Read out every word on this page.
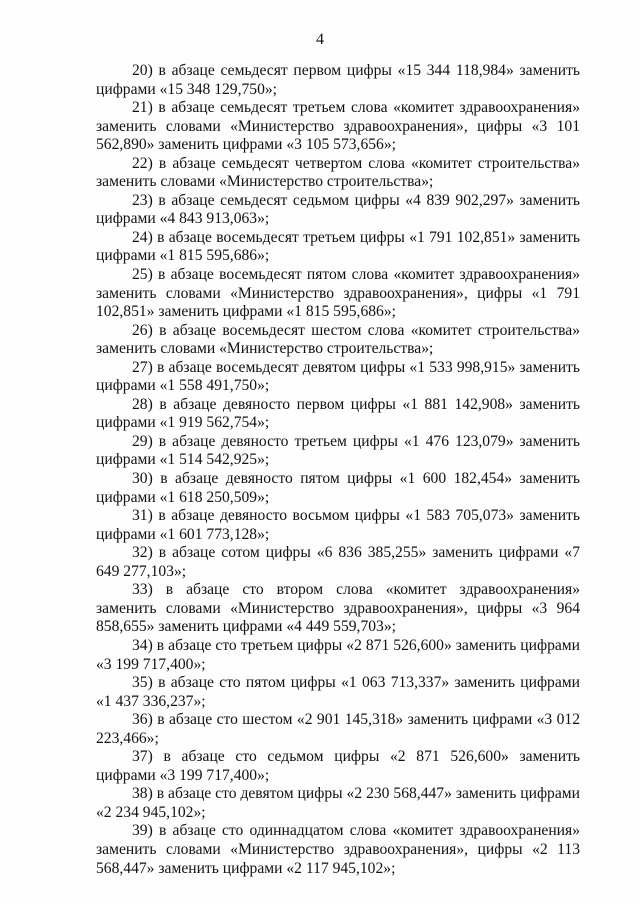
4

20) в абзаце семьдесят первом цифры «15 344 118,984» заменить цифрами «15 348 129,750»;

21) в абзаце семьдесят третьем слова «комитет здравоохранения» заменить словами «Министерство здравоохранения», цифры «3 101 562,890» заменить цифрами «3 105 573,656»;

22) в абзаце семьдесят четвертом слова «комитет строительства» заменить словами «Министерство строительства»;

23) в абзаце семьдесят седьмом цифры «4 839 902,297» заменить цифрами «4 843 913,063»;

24) в абзаце восемьдесят третьем цифры «1 791 102,851» заменить цифрами «1 815 595,686»;

25) в абзаце восемьдесят пятом слова «комитет здравоохранения» заменить словами «Министерство здравоохранения», цифры «1 791 102,851» заменить цифрами «1 815 595,686»;

26) в абзаце восемьдесят шестом слова «комитет строительства» заменить словами «Министерство строительства»;

27) в абзаце восемьдесят девятом цифры «1 533 998,915» заменить цифрами «1 558 491,750»;

28) в абзаце девяносто первом цифры «1 881 142,908» заменить цифрами «1 919 562,754»;

29) в абзаце девяносто третьем цифры «1 476 123,079» заменить цифрами «1 514 542,925»;

30) в абзаце девяносто пятом цифры «1 600 182,454» заменить цифрами «1 618 250,509»;

31) в абзаце девяносто восьмом цифры «1 583 705,073» заменить цифрами «1 601 773,128»;

32) в абзаце сотом цифры «6 836 385,255» заменить цифрами «7 649 277,103»;

33) в абзаце сто втором слова «комитет здравоохранения» заменить словами «Министерство здравоохранения», цифры «3 964 858,655» заменить цифрами «4 449 559,703»;

34) в абзаце сто третьем цифры «2 871 526,600» заменить цифрами «3 199 717,400»;

35) в абзаце сто пятом цифры «1 063 713,337» заменить цифрами «1 437 336,237»;

36) в абзаце сто шестом «2 901 145,318» заменить цифрами «3 012 223,466»;

37) в абзаце сто седьмом цифры «2 871 526,600» заменить цифрами «3 199 717,400»;

38) в абзаце сто девятом цифры «2 230 568,447» заменить цифрами «2 234 945,102»;

39) в абзаце сто одиннадцатом слова «комитет здравоохранения» заменить словами «Министерство здравоохранения», цифры «2 113 568,447» заменить цифрами «2 117 945,102»;
